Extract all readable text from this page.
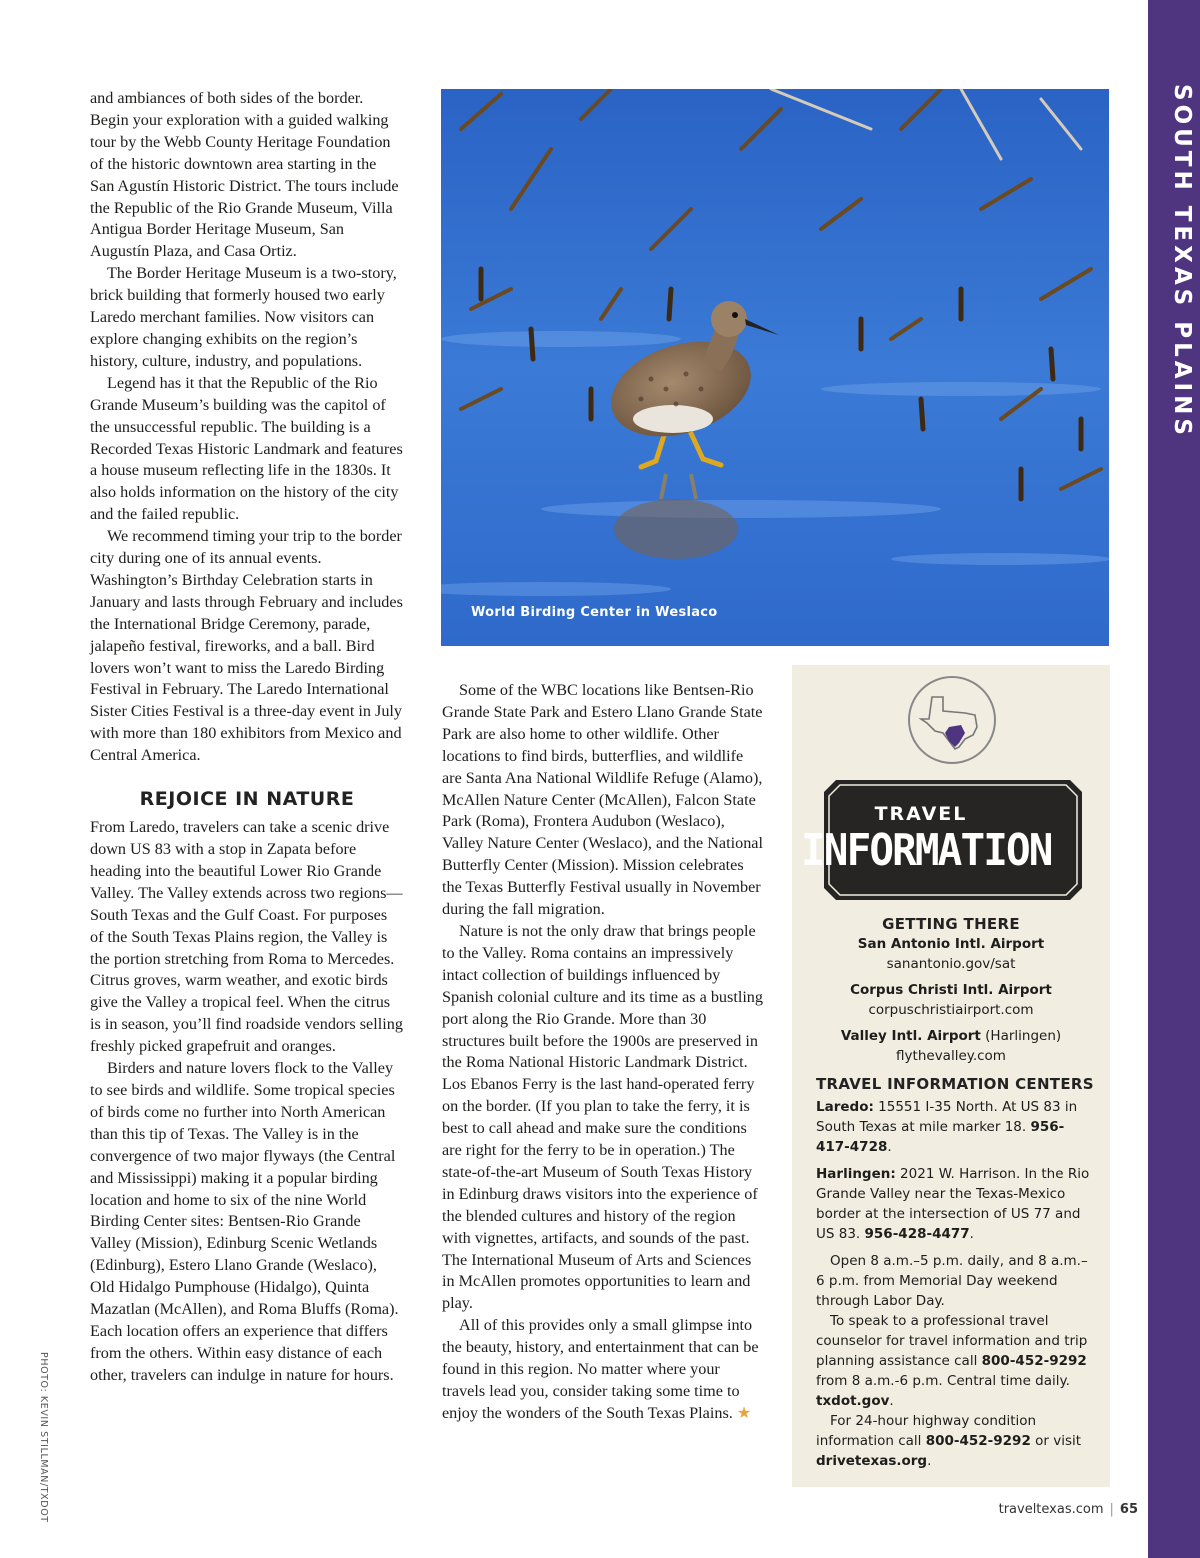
SOUTH TEXAS PLAINS
PHOTO: KEVIN STILLMAN/TXDOT

and ambiances of both sides of the border. Begin your exploration with a guided walking tour by the Webb County Heritage Foundation of the historic downtown area starting in the San Agustín Historic District. The tours include the Republic of the Rio Grande Museum, Villa Antigua Border Heritage Museum, San Augustín Plaza, and Casa Ortiz.

The Border Heritage Museum is a two-story, brick building that formerly housed two early Laredo merchant families. Now visitors can explore changing exhibits on the region’s history, culture, industry, and populations.

Legend has it that the Republic of the Rio Grande Museum’s building was the capitol of the unsuccessful republic. The building is a Recorded Texas Historic Landmark and features a house museum reflecting life in the 1830s. It also holds information on the history of the city and the failed republic.

We recommend timing your trip to the border city during one of its annual events. Washington’s Birthday Celebration starts in January and lasts through February and includes the International Bridge Ceremony, parade, jalapeño festival, fireworks, and a ball. Bird lovers won’t want to miss the Laredo Birding Festival in February. The Laredo International Sister Cities Festival is a three-day event in July with more than 180 exhibitors from Mexico and Central America.

REJOICE IN NATURE

From Laredo, travelers can take a scenic drive down US 83 with a stop in Zapata before heading into the beautiful Lower Rio Grande Valley. The Valley extends across two regions—South Texas and the Gulf Coast. For purposes of the South Texas Plains region, the Valley is the portion stretching from Roma to Mercedes. Citrus groves, warm weather, and exotic birds give the Valley a tropical feel. When the citrus is in season, you’ll find roadside vendors selling freshly picked grapefruit and oranges.

Birders and nature lovers flock to the Valley to see birds and wildlife. Some tropical species of birds come no further into North American than this tip of Texas. The Valley is in the convergence of two major flyways (the Central and Mississippi) making it a popular birding location and home to six of the nine World Birding Center sites: Bentsen-Rio Grande Valley (Mission), Edinburg Scenic Wetlands (Edinburg), Estero Llano Grande (Weslaco), Old Hidalgo Pumphouse (Hidalgo), Quinta Mazatlan (McAllen), and Roma Bluffs (Roma). Each location offers an experience that differs from the others. Within easy distance of each other, travelers can indulge in nature for hours.

World Birding Center in Weslaco

Some of the WBC locations like Bentsen-Rio Grande State Park and Estero Llano Grande State Park are also home to other wildlife. Other locations to find birds, butterflies, and wildlife are Santa Ana National Wildlife Refuge (Alamo), McAllen Nature Center (McAllen), Falcon State Park (Roma), Frontera Audubon (Weslaco), Valley Nature Center (Weslaco), and the National Butterfly Center (Mission). Mission celebrates the Texas Butterfly Festival usually in November during the fall migration.

Nature is not the only draw that brings people to the Valley. Roma contains an impressively intact collection of buildings influenced by Spanish colonial culture and its time as a bustling port along the Rio Grande. More than 30 structures built before the 1900s are preserved in the Roma National Historic Landmark District. Los Ebanos Ferry is the last hand-operated ferry on the border. (If you plan to take the ferry, it is best to call ahead and make sure the conditions are right for the ferry to be in operation.) The state-of-the-art Museum of South Texas History in Edinburg draws visitors into the experience of the blended cultures and history of the region with vignettes, artifacts, and sounds of the past. The International Museum of Arts and Sciences in McAllen promotes opportunities to learn and play.

All of this provides only a small glimpse into the beauty, history, and entertainment that can be found in this region. No matter where your travels lead you, consider taking some time to enjoy the wonders of the South Texas Plains. ★

TRAVEL
INFORMATION
GETTING THERE
San Antonio Intl. Airport
sanantonio.gov/sat
Corpus Christi Intl. Airport
corpuschristiairport.com
Valley Intl. Airport (Harlingen)
flythevalley.com
TRAVEL INFORMATION CENTERS

Laredo: 15551 I-35 North. At US 83 in South Texas at mile marker 18. 956-417-4728.

Harlingen: 2021 W. Harrison. In the Rio Grande Valley near the Texas-Mexico border at the intersection of US 77 and US 83. 956-428-4477.

Open 8 a.m.–5 p.m. daily, and 8 a.m.–6 p.m. from Memorial Day weekend through Labor Day.

To speak to a professional travel counselor for travel information and trip planning assistance call 800-452-9292 from 8 a.m.-6 p.m. Central time daily. txdot.gov.

For 24-hour highway condition information call 800-452-9292 or visit drivetexas.org.

traveltexas.com | 65
